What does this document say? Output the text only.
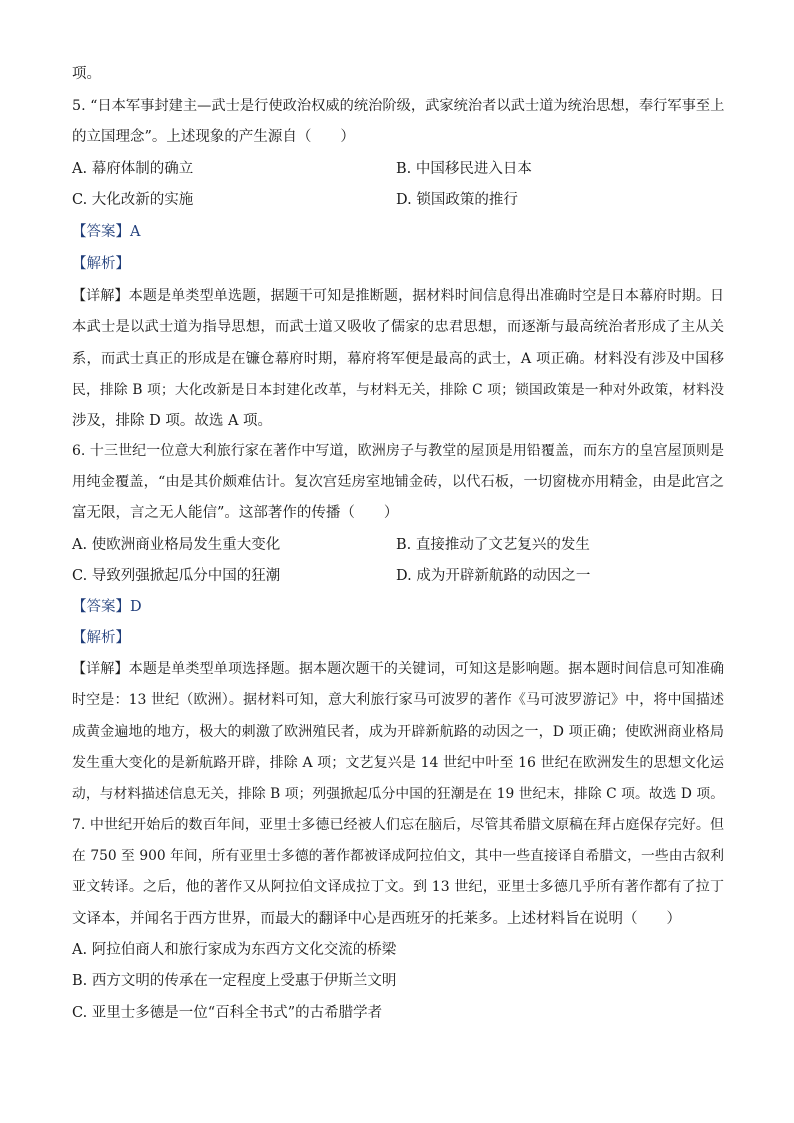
项。
5. “日本军事封建主—武士是行使政治权威的统治阶级，武家统治者以武士道为统治思想，奉行军事至上
的立国理念”。上述现象的产生源自（　　）
A. 幕府体制的确立	B. 中国移民进入日本
C. 大化改新的实施	D. 锁国政策的推行
【答案】A
【解析】
【详解】本题是单类型单选题，据题干可知是推断题，据材料时间信息得出准确时空是日本幕府时期。日
本武士是以武士道为指导思想，而武士道又吸收了儒家的忠君思想，而逐渐与最高统治者形成了主从关
系，而武士真正的形成是在镰仓幕府时期，幕府将军便是最高的武士，A 项正确。材料没有涉及中国移
民，排除 B 项；大化改新是日本封建化改革，与材料无关，排除 C 项；锁国政策是一种对外政策，材料没
涉及，排除 D 项。故选 A 项。
6. 十三世纪一位意大利旅行家在著作中写道，欧洲房子与教堂的屋顶是用铅覆盖，而东方的皇宫屋顶则是
用纯金覆盖，“由是其价颇难估计。复次宫廷房室地铺金砖，以代石板，一切窗栊亦用精金，由是此宫之
富无限，言之无人能信”。这部著作的传播（　　）
A. 使欧洲商业格局发生重大变化	B. 直接推动了文艺复兴的发生
C. 导致列强掀起瓜分中国的狂潮	D. 成为开辟新航路的动因之一
【答案】D
【解析】
【详解】本题是单类型单项选择题。据本题次题干的关键词，可知这是影响题。据本题时间信息可知准确
时空是：13 世纪（欧洲）。据材料可知，意大利旅行家马可波罗的著作《马可波罗游记》中，将中国描述
成黄金遍地的地方，极大的刺激了欧洲殖民者，成为开辟新航路的动因之一，D 项正确；使欧洲商业格局
发生重大变化的是新航路开辟，排除 A 项；文艺复兴是 14 世纪中叶至 16 世纪在欧洲发生的思想文化运
动，与材料描述信息无关，排除 B 项；列强掀起瓜分中国的狂潮是在 19 世纪末，排除 C 项。故选 D 项。
7. 中世纪开始后的数百年间，亚里士多德已经被人们忘在脑后，尽管其希腊文原稿在拜占庭保存完好。但
在 750 至 900 年间，所有亚里士多德的著作都被译成阿拉伯文，其中一些直接译自希腊文，一些由古叙利
亚文转译。之后，他的著作又从阿拉伯文译成拉丁文。到 13 世纪，亚里士多德几乎所有著作都有了拉丁
文译本，并闻名于西方世界，而最大的翻译中心是西班牙的托莱多。上述材料旨在说明（　　）
A. 阿拉伯商人和旅行家成为东西方文化交流的桥梁
B. 西方文明的传承在一定程度上受惠于伊斯兰文明
C. 亚里士多德是一位“百科全书式”的古希腊学者
